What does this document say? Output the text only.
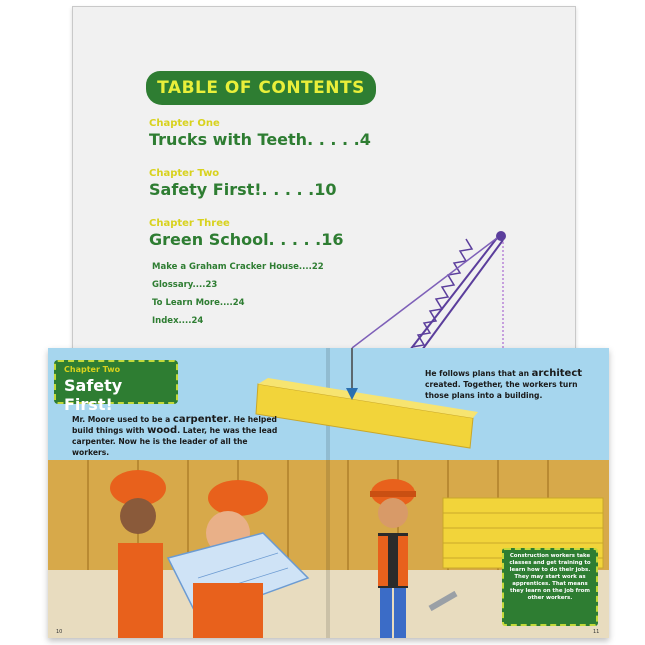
TABLE OF CONTENTS
Chapter One
Trucks with Teeth. . . . .4
Chapter Two
Safety First!. . . . .10
Chapter Three
Green School. . . . .16
Make a Graham Cracker House....22
Glossary....23
To Learn More....24
Index....24
Chapter Two
Safety First!
Mr. Moore used to be a carpenter. He helped build things with wood. Later, he was the lead carpenter. Now he is the leader of all the workers.
He follows plans that an architect created. Together, the workers turn those plans into a building.
Construction workers take classes and get training to learn how to do their jobs. They may start work as apprentices. That means they learn on the job from other workers.
10	11
